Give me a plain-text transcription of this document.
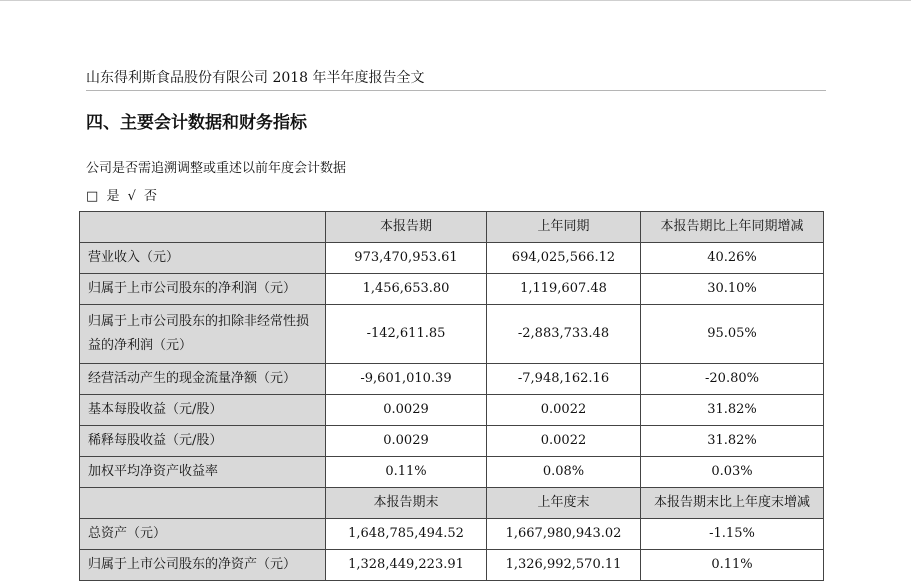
山东得利斯食品股份有限公司 2018 年半年度报告全文
四、主要会计数据和财务指标
公司是否需追溯调整或重述以前年度会计数据
□ 是 √ 否
	本报告期	上年同期	本报告期比上年同期增减
营业收入（元）	973,470,953.61	694,025,566.12	40.26%
归属于上市公司股东的净利润（元）	1,456,653.80	1,119,607.48	30.10%
归属于上市公司股东的扣除非经常性损益的净利润（元）	-142,611.85	-2,883,733.48	95.05%
经营活动产生的现金流量净额（元）	-9,601,010.39	-7,948,162.16	-20.80%
基本每股收益（元/股）	0.0029	0.0022	31.82%
稀释每股收益（元/股）	0.0029	0.0022	31.82%
加权平均净资产收益率	0.11%	0.08%	0.03%
	本报告期末	上年度末	本报告期末比上年度末增减
总资产（元）	1,648,785,494.52	1,667,980,943.02	-1.15%
归属于上市公司股东的净资产（元）	1,328,449,223.91	1,326,992,570.11	0.11%
